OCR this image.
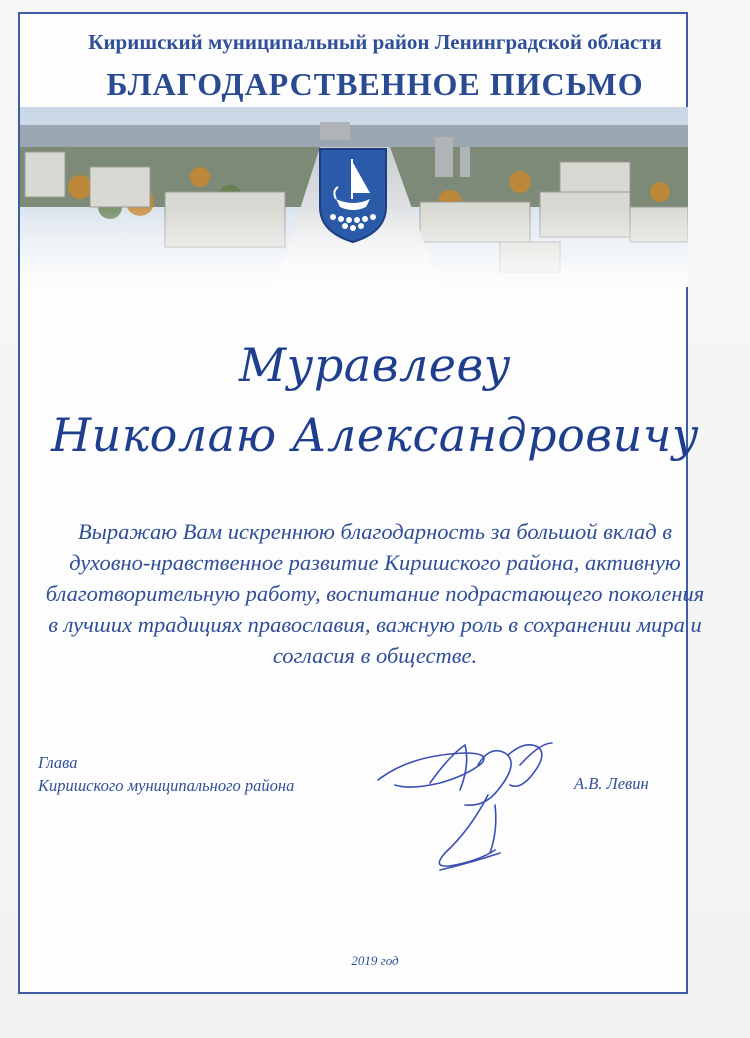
Киришский муниципальный район Ленинградской области
БЛАГОДАРСТВЕННОЕ ПИСЬМО

Муравлеву

Николаю Александровичу

Выражаю Вам искреннюю благодарность за большой вклад в духовно-нравственное развитие Киришского района, активную благотворительную работу, воспитание подрастающего поколения в лучших традициях православия, важную роль в сохранении мира и согласия в обществе.

Глава
Киришского муниципального района	А.В. Левин
2019 год
